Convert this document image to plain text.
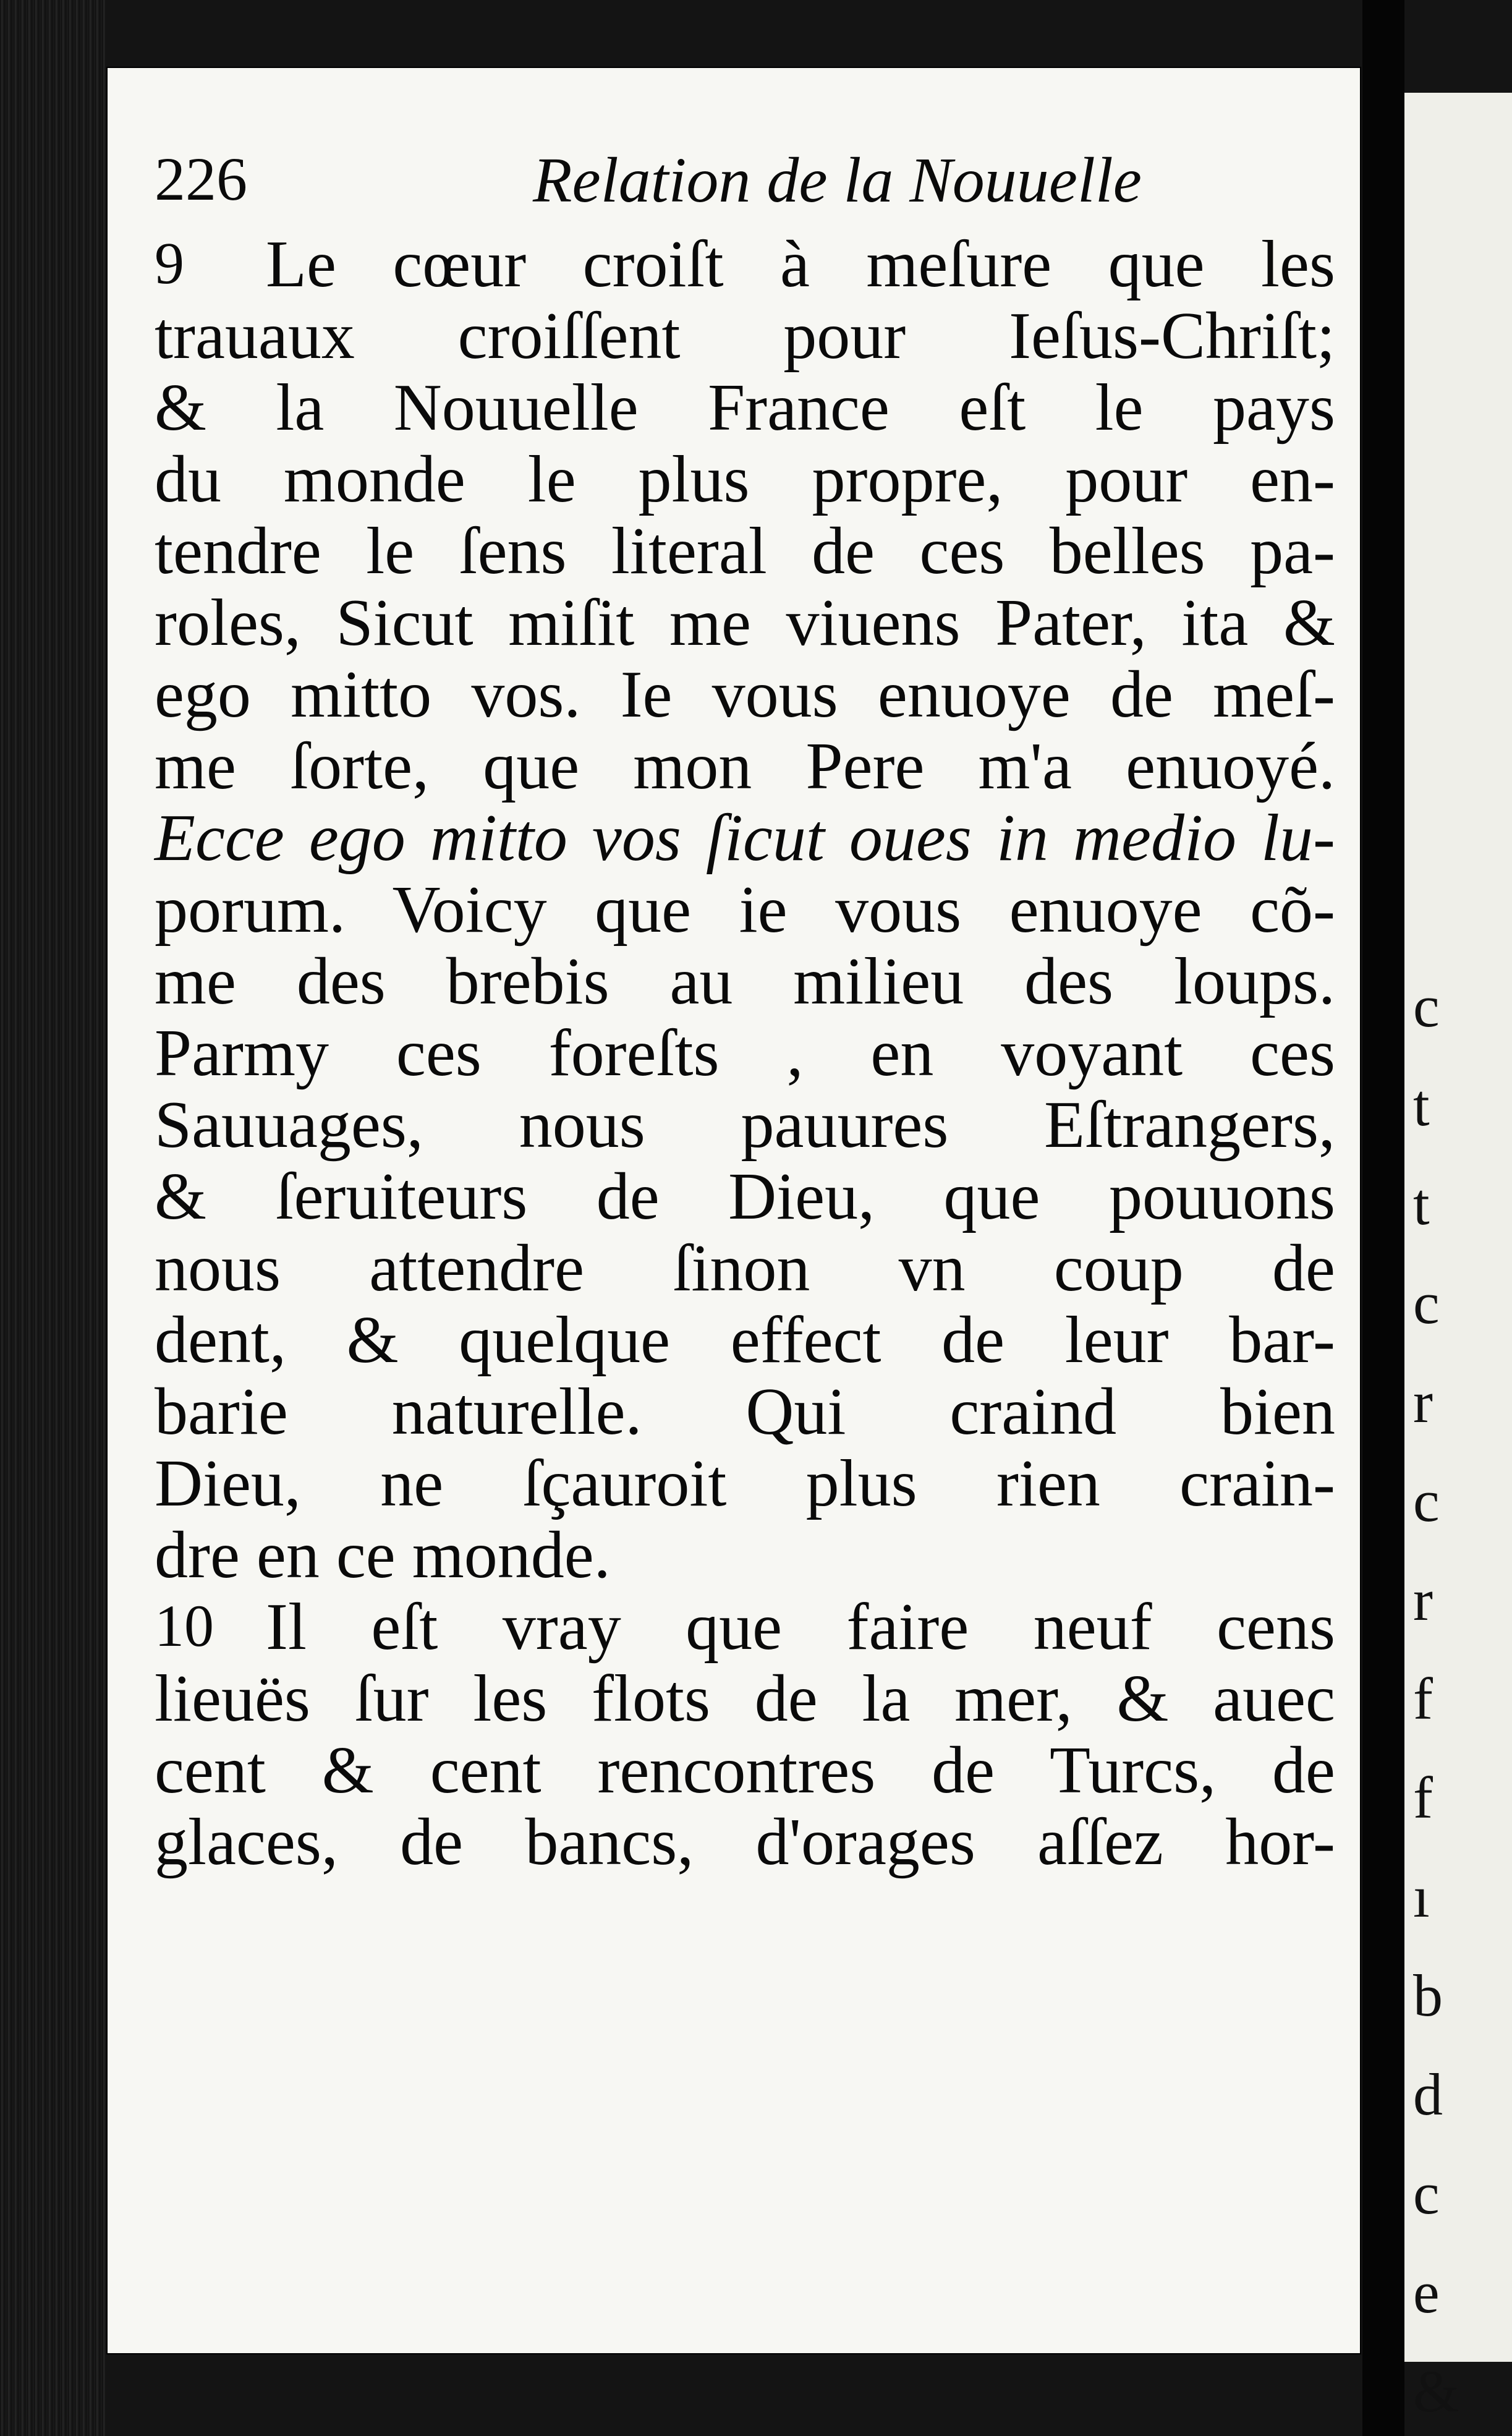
c
t
t
c
r
c
r
f
f
ı
b
d
c
e
&
226	Relation de la Nouuelle
9	Le cœur croiſt à meſure que les
trauaux croiſſent pour Ieſus-Chriſt;
& la Nouuelle France eſt le pays
du monde le plus propre, pour en-
tendre le ſens literal de ces belles pa-
roles, Sicut miſit me viuens Pater, ita &
ego mitto vos. Ie vous enuoye de meſ-
me ſorte, que mon Pere m'a enuoyé.
Ecce ego mitto vos ſicut oues in medio lu-
porum. Voicy que ie vous enuoye cõ-
me des brebis au milieu des loups.
Parmy ces foreſts , en voyant ces
Sauuages, nous pauures Eſtrangers,
& ſeruiteurs de Dieu, que pouuons
nous attendre ſinon vn coup de
dent, & quelque effect de leur bar-
barie naturelle. Qui craind bien
Dieu, ne ſçauroit plus rien crain-
dre en ce monde.
10 Il eſt vray que faire neuf cens
lieuës ſur les flots de la mer, & auec
cent & cent rencontres de Turcs, de
glaces, de bancs, d'orages aſſez hor-
